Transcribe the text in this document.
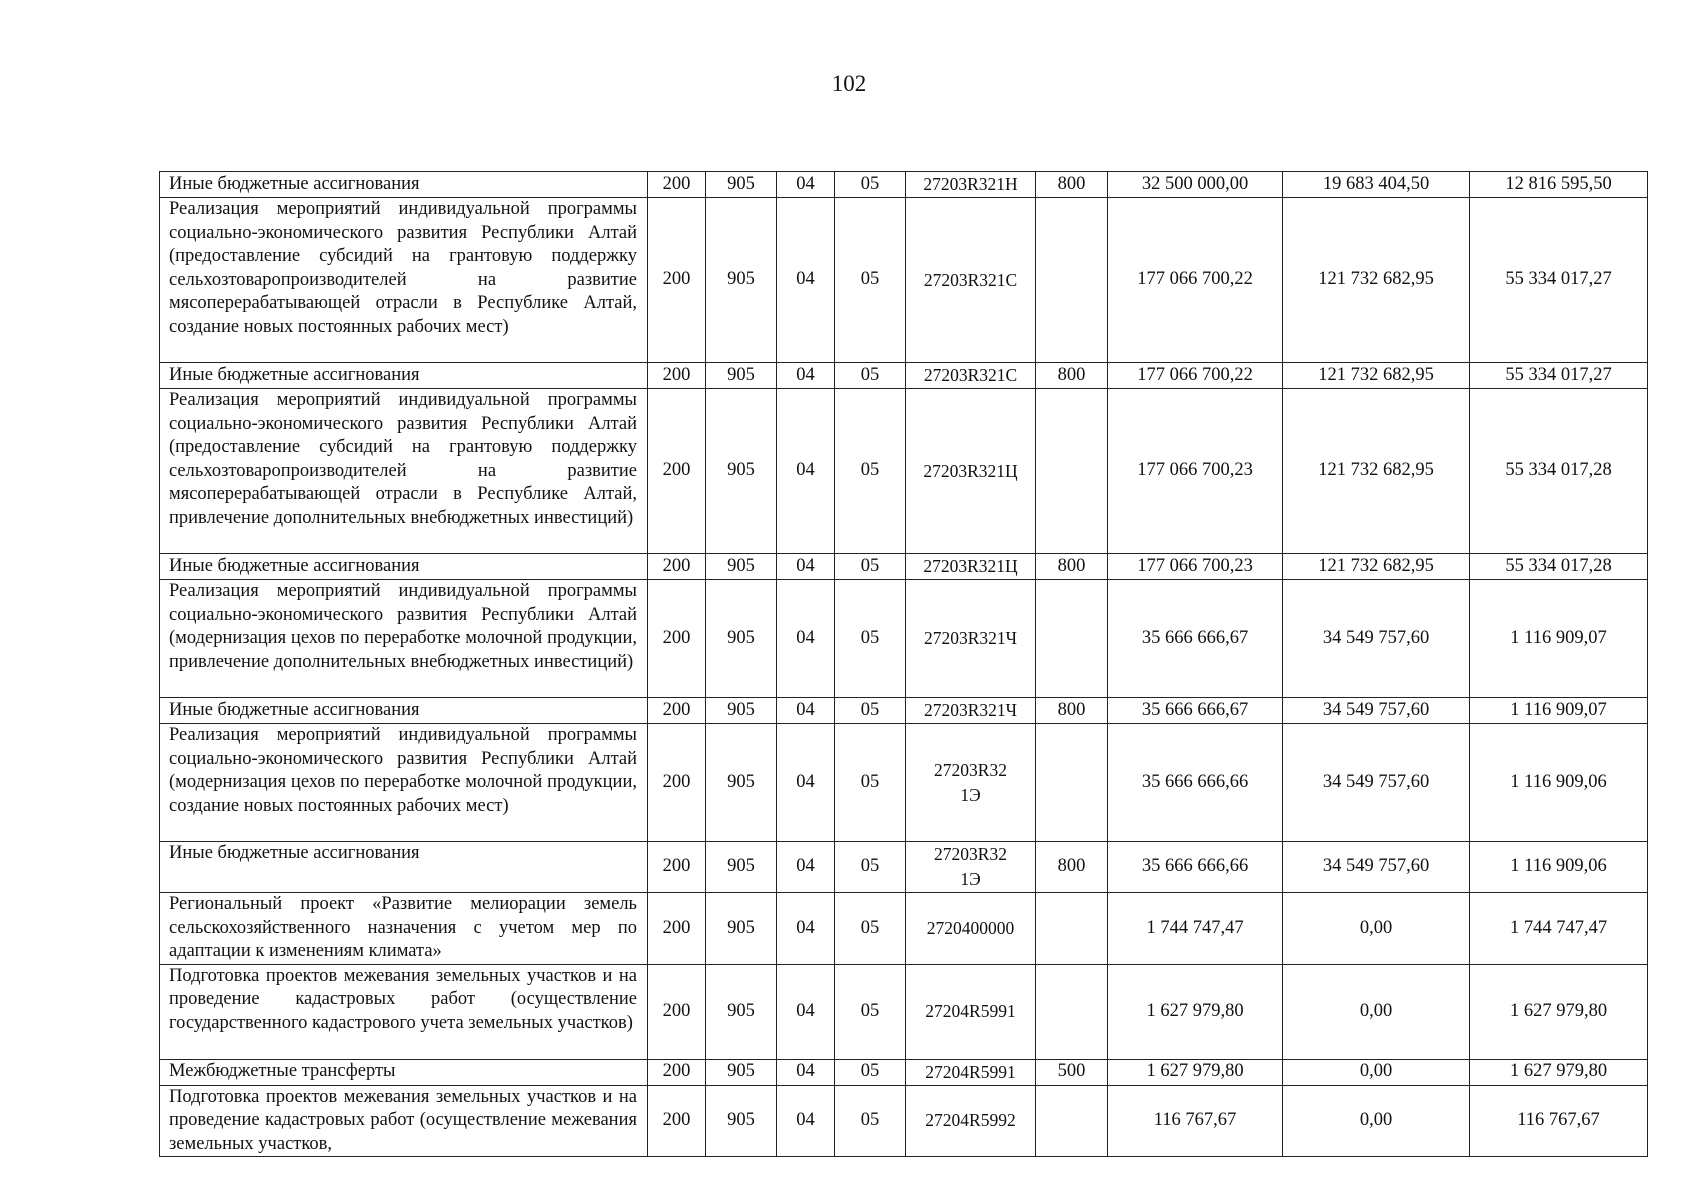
102
Иные бюджетные ассигнования	200	905	04	05	27203R321Н	800	32 500 000,00	19 683 404,50	12 816 595,50
Реализация мероприятий индивидуальной программы социально-экономического развития Республики Алтай (предоставление субсидий на грантовую поддержку сельхозтоваропроизводителей на развитие мясоперерабатывающей отрасли в Республике Алтай, создание новых постоянных рабочих мест)	200	905	04	05	27203R321С		177 066 700,22	121 732 682,95	55 334 017,27
Иные бюджетные ассигнования	200	905	04	05	27203R321С	800	177 066 700,22	121 732 682,95	55 334 017,27
Реализация мероприятий индивидуальной программы социально-экономического развития Республики Алтай (предоставление субсидий на грантовую поддержку сельхозтоваропроизводителей на развитие мясоперерабатывающей отрасли в Республике Алтай, привлечение дополнительных внебюджетных инвестиций)	200	905	04	05	27203R321Ц		177 066 700,23	121 732 682,95	55 334 017,28
Иные бюджетные ассигнования	200	905	04	05	27203R321Ц	800	177 066 700,23	121 732 682,95	55 334 017,28
Реализация мероприятий индивидуальной программы социально-экономического развития Республики Алтай (модернизация цехов по переработке молочной продукции, привлечение дополнительных внебюджетных инвестиций)	200	905	04	05	27203R321Ч		35 666 666,67	34 549 757,60	1 116 909,07
Иные бюджетные ассигнования	200	905	04	05	27203R321Ч	800	35 666 666,67	34 549 757,60	1 116 909,07
Реализация мероприятий индивидуальной программы социально-экономического развития Республики Алтай (модернизация цехов по переработке молочной продукции, создание новых постоянных рабочих мест)	200	905	04	05	27203R321Э		35 666 666,66	34 549 757,60	1 116 909,06
Иные бюджетные ассигнования	200	905	04	05	27203R321Э	800	35 666 666,66	34 549 757,60	1 116 909,06
Региональный проект «Развитие мелиорации земель сельскохозяйственного назначения с учетом мер по адаптации к изменениям климата»	200	905	04	05	2720400000		1 744 747,47	0,00	1 744 747,47
Подготовка проектов межевания земельных участков и на проведение кадастровых работ (осуществление государственного кадастрового учета земельных участков)	200	905	04	05	27204R5991		1 627 979,80	0,00	1 627 979,80
Межбюджетные трансферты	200	905	04	05	27204R5991	500	1 627 979,80	0,00	1 627 979,80
Подготовка проектов межевания земельных участков и на проведение кадастровых работ (осуществление межевания земельных участков,	200	905	04	05	27204R5992		116 767,67	0,00	116 767,67
